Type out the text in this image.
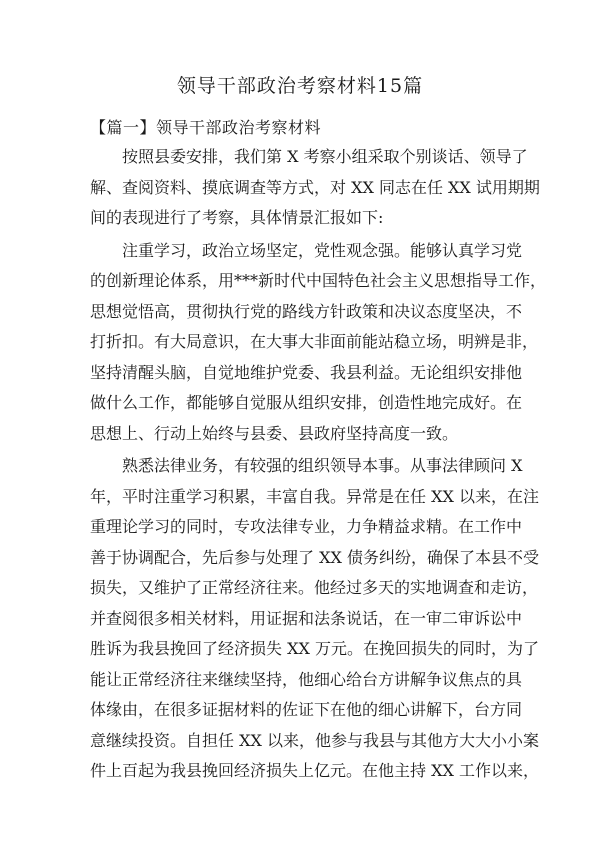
领导干部政治考察材料15篇
【篇一】领导干部政治考察材料
按照县委安排，我们第 X 考察小组采取个别谈话、领导了
解、查阅资料、摸底调查等方式，对 XX 同志在任 XX 试用期期
间的表现进行了考察，具体情景汇报如下:
注重学习，政治立场坚定，党性观念强。能够认真学习党
的创新理论体系，用***新时代中国特色社会主义思想指导工作，
思想觉悟高，贯彻执行党的路线方针政策和决议态度坚决，不
打折扣。有大局意识，在大事大非面前能站稳立场，明辨是非，
坚持清醒头脑，自觉地维护党委、我县利益。无论组织安排他
做什么工作，都能够自觉服从组织安排，创造性地完成好。在
思想上、行动上始终与县委、县政府坚持高度一致。
熟悉法律业务，有较强的组织领导本事。从事法律顾问 X
年，平时注重学习积累，丰富自我。异常是在任 XX 以来，在注
重理论学习的同时，专攻法律专业，力争精益求精。在工作中
善于协调配合，先后参与处理了 XX 债务纠纷，确保了本县不受
损失，又维护了正常经济往来。他经过多天的实地调查和走访，
并查阅很多相关材料，用证据和法条说话，在一审二审诉讼中
胜诉为我县挽回了经济损失 XX 万元。在挽回损失的同时，为了
能让正常经济往来继续坚持，他细心给台方讲解争议焦点的具
体缘由，在很多证据材料的佐证下在他的细心讲解下，台方同
意继续投资。自担任 XX 以来，他参与我县与其他方大大小小案
件上百起为我县挽回经济损失上亿元。在他主持 XX 工作以来，
